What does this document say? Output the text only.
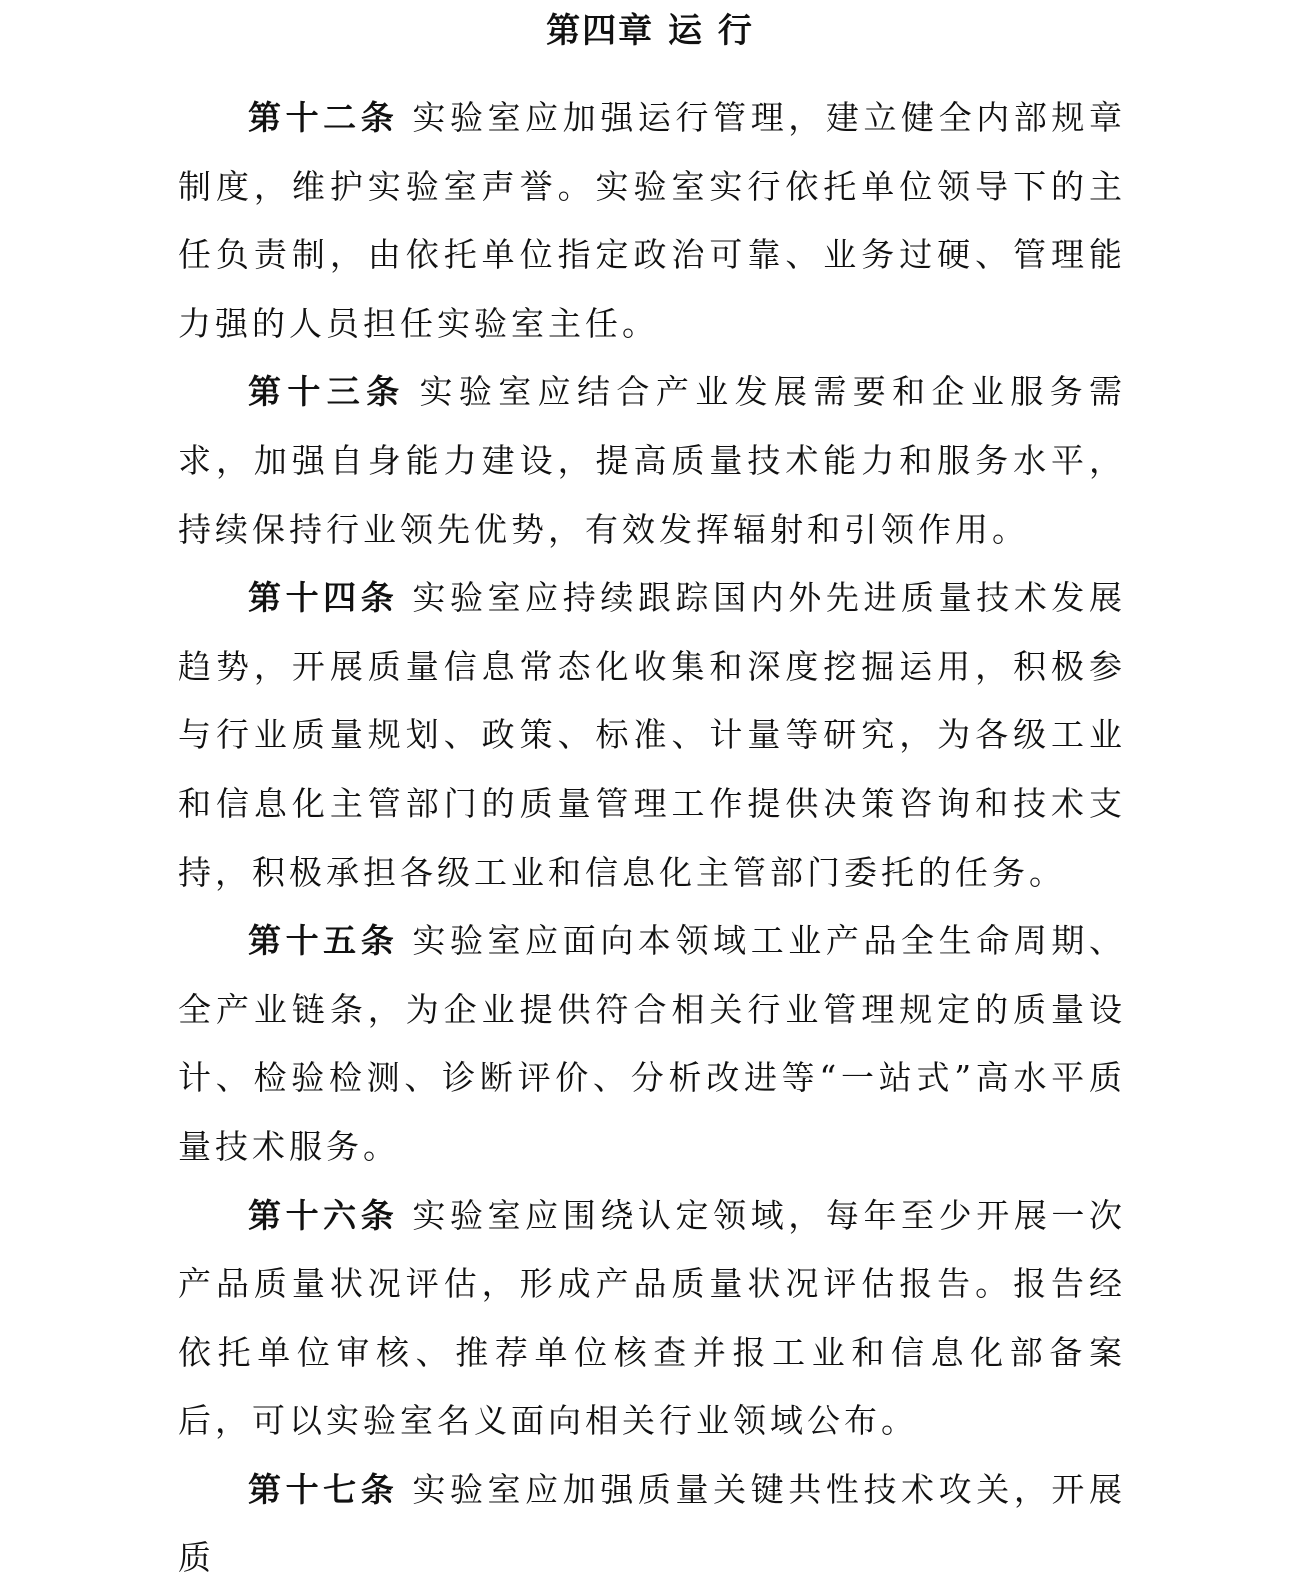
第四章 运 行

第十二条 实验室应加强运行管理，建立健全内部规章制度，维护实验室声誉。实验室实行依托单位领导下的主任负责制，由依托单位指定政治可靠、业务过硬、管理能力强的人员担任实验室主任。

第十三条 实验室应结合产业发展需要和企业服务需求，加强自身能力建设，提高质量技术能力和服务水平，持续保持行业领先优势，有效发挥辐射和引领作用。

第十四条 实验室应持续跟踪国内外先进质量技术发展趋势，开展质量信息常态化收集和深度挖掘运用，积极参与行业质量规划、政策、标准、计量等研究，为各级工业和信息化主管部门的质量管理工作提供决策咨询和技术支持，积极承担各级工业和信息化主管部门委托的任务。

第十五条 实验室应面向本领域工业产品全生命周期、全产业链条，为企业提供符合相关行业管理规定的质量设计、检验检测、诊断评价、分析改进等“一站式”高水平质量技术服务。

第十六条 实验室应围绕认定领域，每年至少开展一次产品质量状况评估，形成产品质量状况评估报告。报告经依托单位审核、推荐单位核查并报工业和信息化部备案后，可以实验室名义面向相关行业领域公布。

第十七条 实验室应加强质量关键共性技术攻关，开展质
